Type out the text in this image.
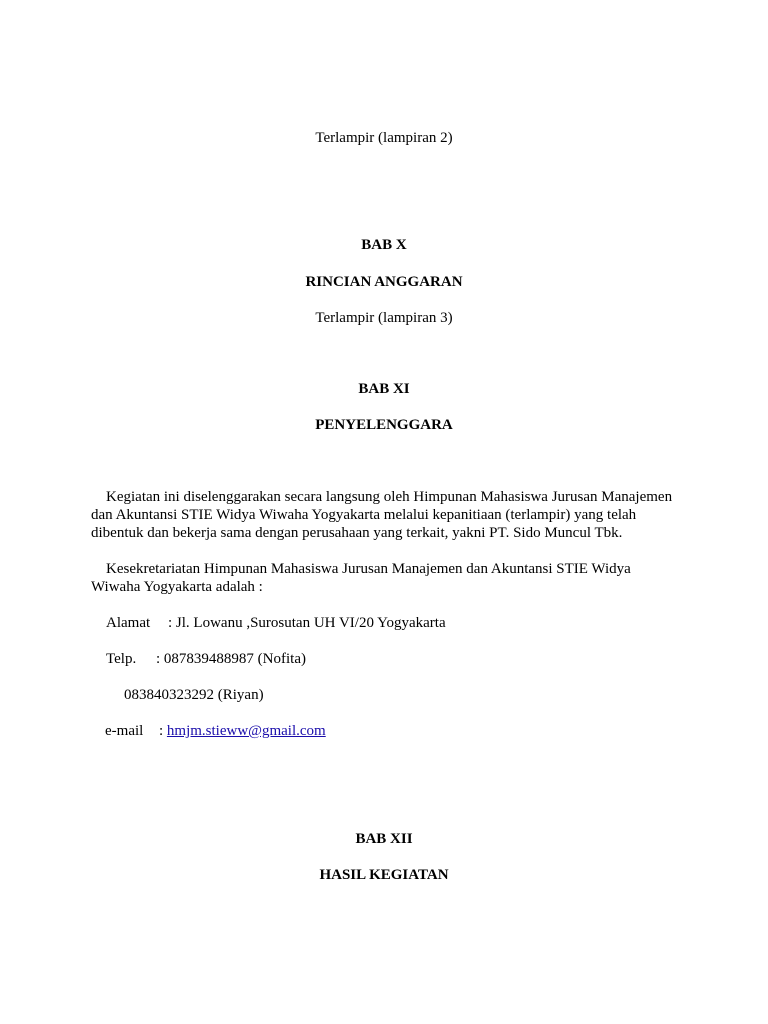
Terlampir (lampiran 2)
BAB X
RINCIAN ANGGARAN
Terlampir (lampiran 3)
BAB XI
PENYELENGGARA
Kegiatan ini diselenggarakan secara langsung oleh Himpunan Mahasiswa Jurusan Manajemen
dan Akuntansi STIE Widya Wiwaha Yogyakarta melalui kepanitiaan (terlampir) yang telah
dibentuk dan bekerja sama dengan perusahaan yang terkait, yakni PT. Sido Muncul Tbk.
Kesekretariatan Himpunan Mahasiswa Jurusan Manajemen dan Akuntansi STIE Widya
Wiwaha Yogyakarta adalah :
Alamat : Jl. Lowanu ,Surosutan UH VI/20 Yogyakarta
Telp. : 087839488987 (Nofita)
083840323292 (Riyan)
e-mail : hmjm.stieww@gmail.com
BAB XII
HASIL KEGIATAN
